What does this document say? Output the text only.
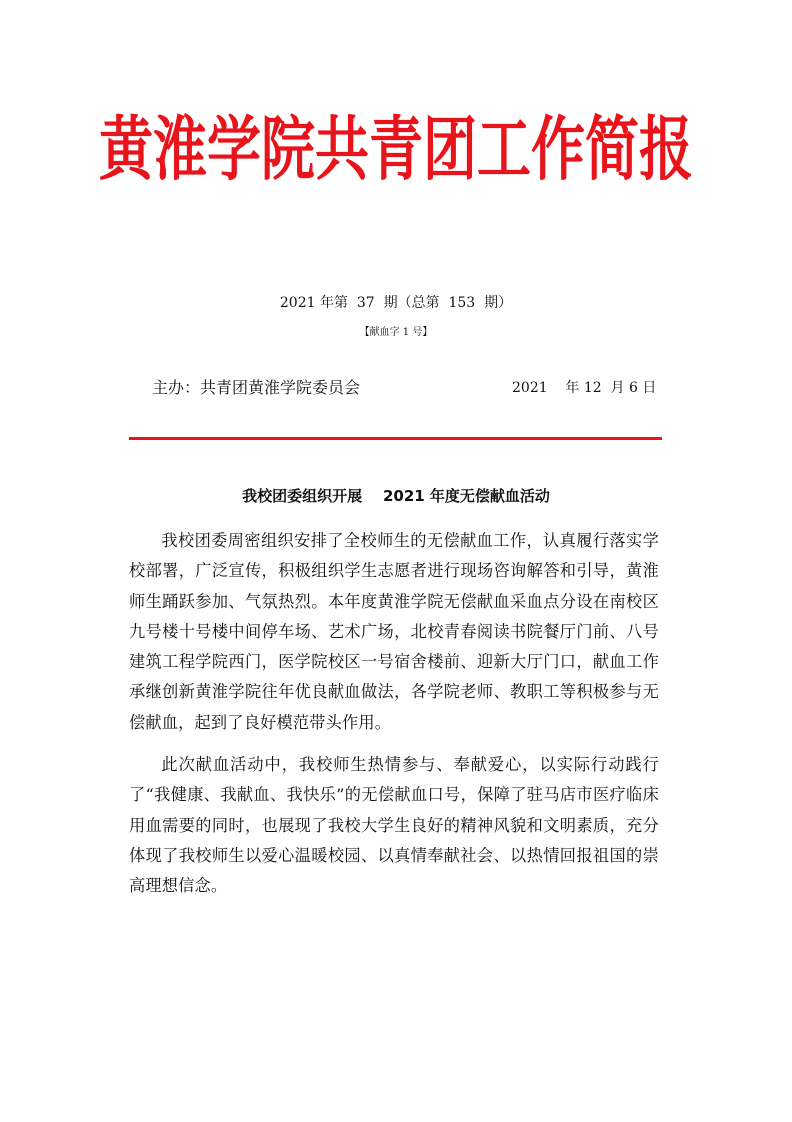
黄淮学院共青团工作简报
2021 年第  37  期（总第  153  期）
【献血字 1 号】
主办：共青团黄淮学院委员会	2021    年 12  月 6 日
我校团委组织开展    2021 年度无偿献血活动

我校团委周密组织安排了全校师生的无偿献血工作，认真履行落实学校部署，广泛宣传，积极组织学生志愿者进行现场咨询解答和引导，黄淮师生踊跃参加、气氛热烈。本年度黄淮学院无偿献血采血点分设在南校区九号楼十号楼中间停车场、艺术广场，北校青春阅读书院餐厅门前、八号建筑工程学院西门，医学院校区一号宿舍楼前、迎新大厅门口，献血工作承继创新黄淮学院往年优良献血做法，各学院老师、教职工等积极参与无偿献血，起到了良好模范带头作用。

此次献血活动中，我校师生热情参与、奉献爱心，以实际行动践行了“我健康、我献血、我快乐”的无偿献血口号，保障了驻马店市医疗临床用血需要的同时，也展现了我校大学生良好的精神风貌和文明素质，充分体现了我校师生以爱心温暖校园、以真情奉献社会、以热情回报祖国的崇高理想信念。
